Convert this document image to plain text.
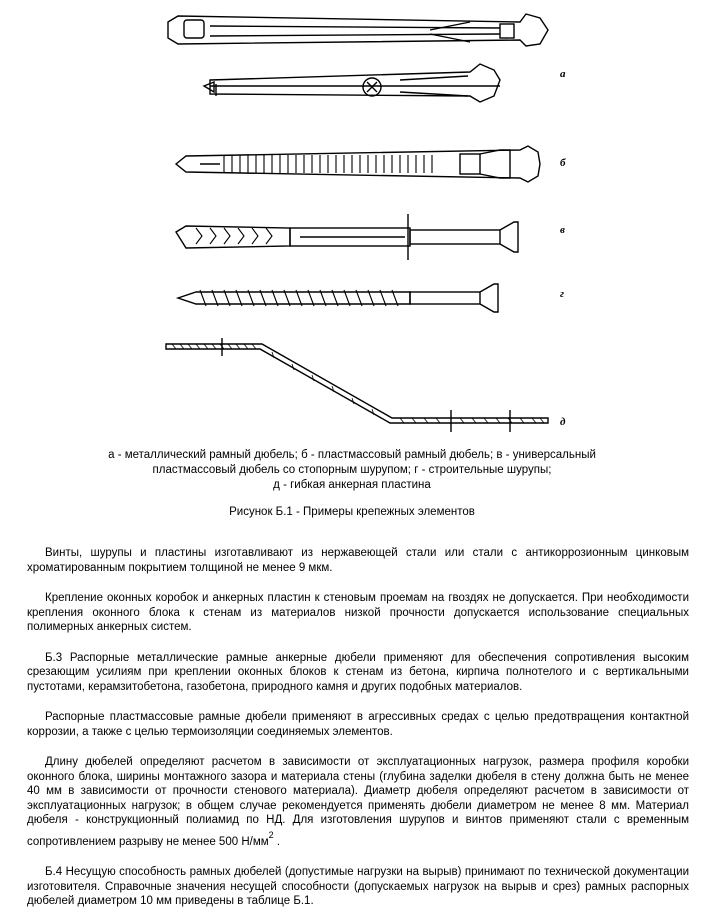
а
б
в
г
д
а - металлический рамный дюбель; б - пластмассовый рамный дюбель; в - универсальный
пластмассовый дюбель со стопорным шурупом; г - строительные шурупы;
д - гибкая анкерная пластина
Рисунок Б.1 - Примеры крепежных элементов

Винты, шурупы и пластины изготавливают из нержавеющей стали или стали с антикоррозионным цинковым хроматированным покрытием толщиной не менее 9 мкм.

Крепление оконных коробок и анкерных пластин к стеновым проемам на гвоздях не допускается. При необходимости крепления оконного блока к стенам из материалов низкой прочности допускается использование специальных полимерных анкерных систем.

Б.3 Распорные металлические рамные анкерные дюбели применяют для обеспечения сопротивления высоким срезающим усилиям при креплении оконных блоков к стенам из бетона, кирпича полнотелого и с вертикальными пустотами, керамзитобетона, газобетона, природного камня и других подобных материалов.

Распорные пластмассовые рамные дюбели применяют в агрессивных средах с целью предотвращения контактной коррозии, а также с целью термоизоляции соединяемых элементов.

Длину дюбелей определяют расчетом в зависимости от эксплуатационных нагрузок, размера профиля коробки оконного блока, ширины монтажного зазора и материала стены (глубина заделки дюбеля в стену должна быть не менее 40 мм в зависимости от прочности стенового материала). Диаметр дюбеля определяют расчетом в зависимости от эксплуатационных нагрузок; в общем случае рекомендуется применять дюбели диаметром не менее 8 мм. Материал дюбеля - конструкционный полиамид по НД. Для изготовления шурупов и винтов применяют стали с временным сопротивлением разрыву не менее 500 $Н/мм^2$ .

Б.4 Несущую способность рамных дюбелей (допустимые нагрузки на вырыв) принимают по технической документации изготовителя. Справочные значения несущей способности (допускаемых нагрузок на вырыв и срез) рамных распорных дюбелей диаметром 10 мм приведены в таблице Б.1.
